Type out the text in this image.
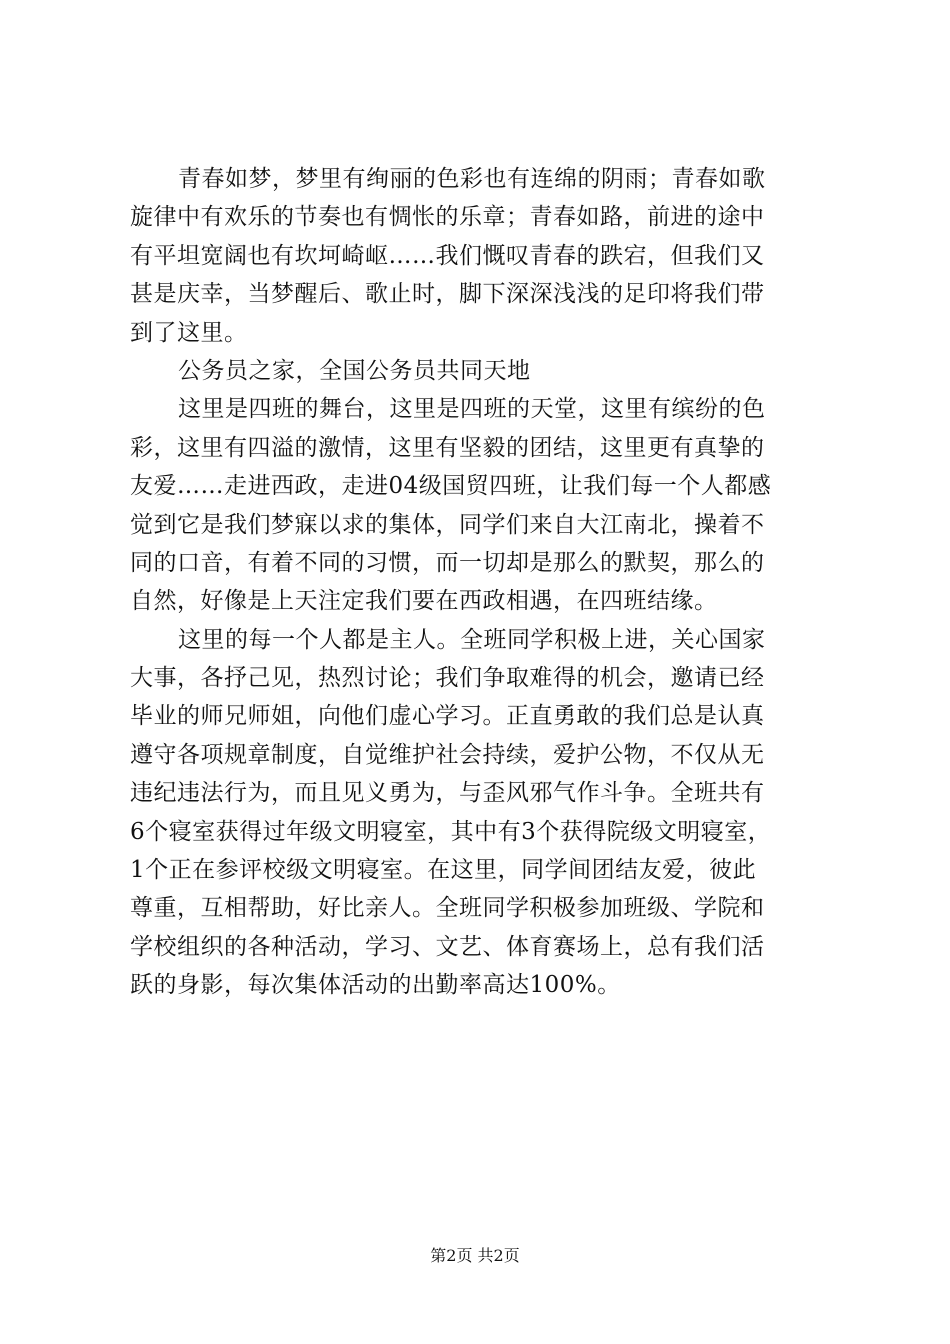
青春如梦，梦里有绚丽的色彩也有连绵的阴雨；青春如歌
旋律中有欢乐的节奏也有惆怅的乐章；青春如路，前进的途中
有平坦宽阔也有坎坷崎岖……我们慨叹青春的跌宕，但我们又
甚是庆幸，当梦醒后、歌止时，脚下深深浅浅的足印将我们带
到了这里。
公务员之家，全国公务员共同天地
这里是四班的舞台，这里是四班的天堂，这里有缤纷的色
彩，这里有四溢的激情，这里有坚毅的团结，这里更有真挚的
友爱……走进西政，走进04级国贸四班，让我们每一个人都感
觉到它是我们梦寐以求的集体，同学们来自大江南北，操着不
同的口音，有着不同的习惯，而一切却是那么的默契，那么的
自然，好像是上天注定我们要在西政相遇，在四班结缘。
这里的每一个人都是主人。全班同学积极上进，关心国家
大事，各抒己见，热烈讨论；我们争取难得的机会，邀请已经
毕业的师兄师姐，向他们虚心学习。正直勇敢的我们总是认真
遵守各项规章制度，自觉维护社会持续，爱护公物，不仅从无
违纪违法行为，而且见义勇为，与歪风邪气作斗争。全班共有
6个寝室获得过年级文明寝室，其中有3个获得院级文明寝室，
1个正在参评校级文明寝室。在这里，同学间团结友爱，彼此
尊重，互相帮助，好比亲人。全班同学积极参加班级、学院和
学校组织的各种活动，学习、文艺、体育赛场上，总有我们活
跃的身影，每次集体活动的出勤率高达100%。
第2页 共2页
